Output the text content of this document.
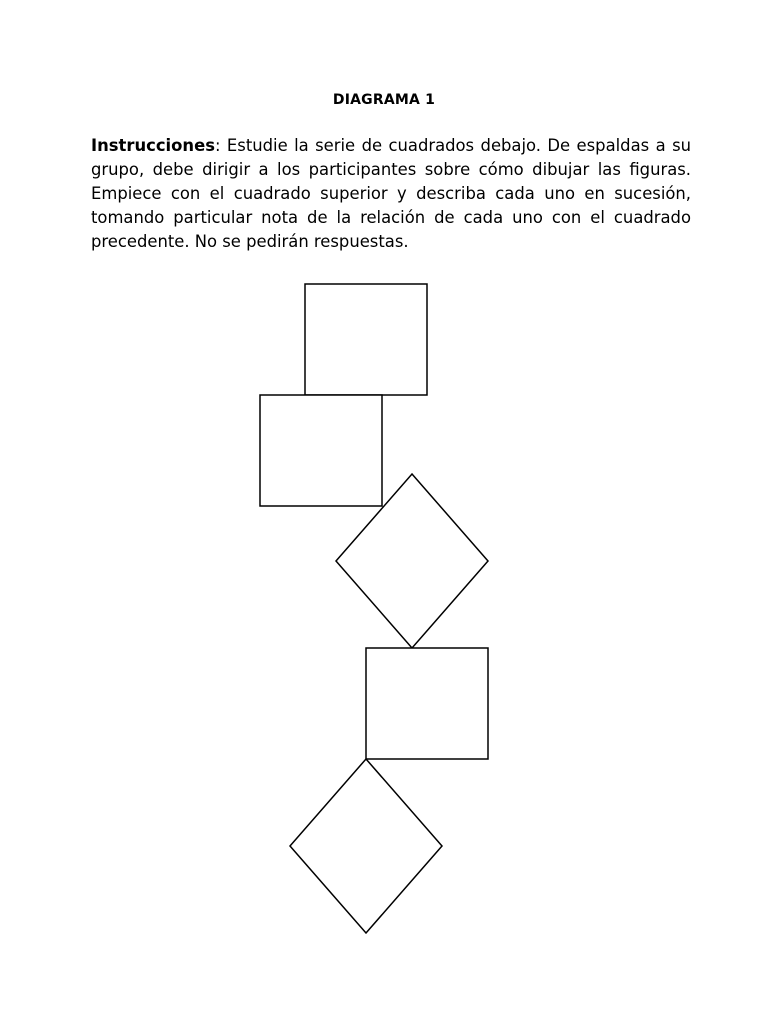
DIAGRAMA 1

Instrucciones: Estudie la serie de cuadrados debajo. De espaldas a su grupo, debe dirigir a los participantes sobre cómo dibujar las figuras. Empiece con el cuadrado superior y describa cada uno en sucesión, tomando particular nota de la relación de cada uno con el cuadrado precedente. No se pedirán respuestas.
